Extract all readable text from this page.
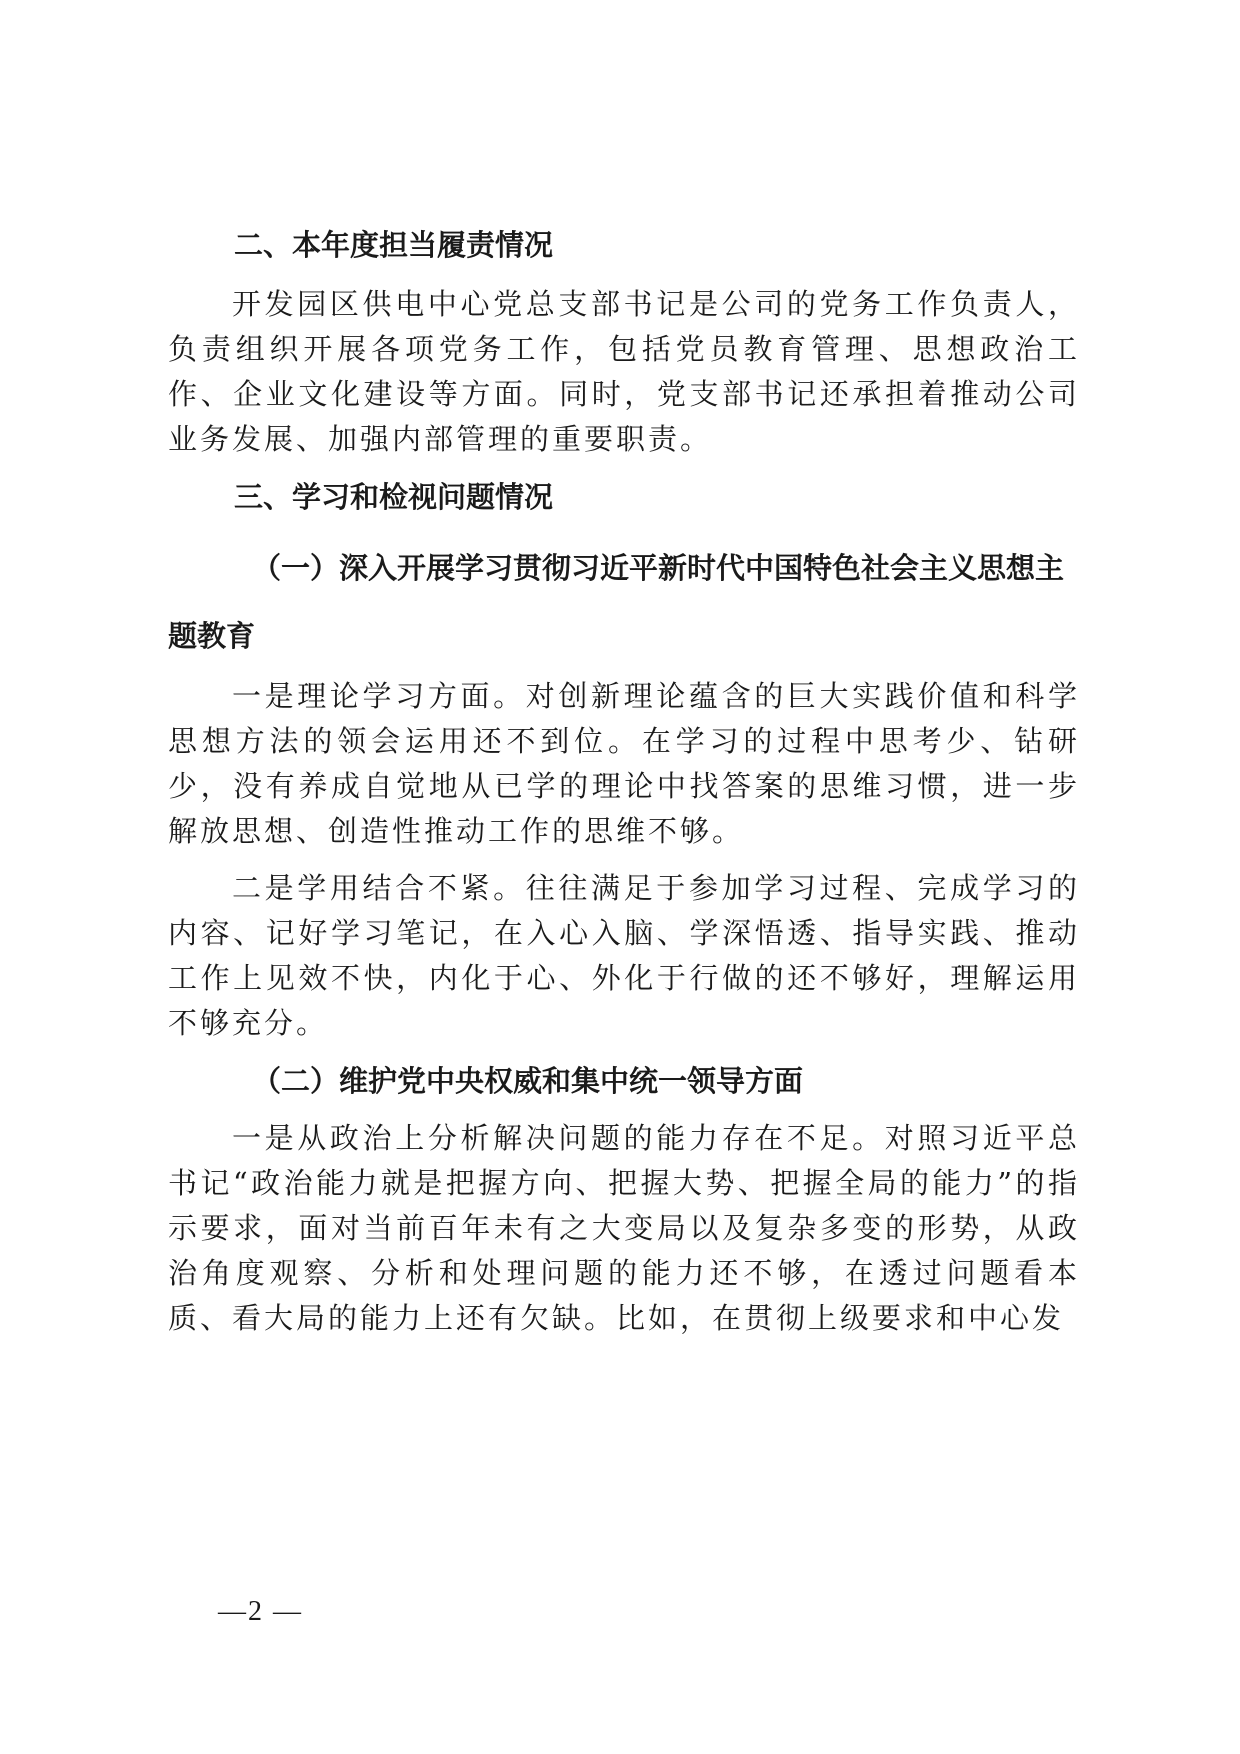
二、本年度担当履责情况
开发园区供电中心党总支部书记是公司的党务工作负责人，负责组织开展各项党务工作，包括党员教育管理、思想政治工作、企业文化建设等方面。同时，党支部书记还承担着推动公司业务发展、加强内部管理的重要职责。
三、学习和检视问题情况
（一）深入开展学习贯彻习近平新时代中国特色社会主义思想主题教育
一是理论学习方面。对创新理论蕴含的巨大实践价值和科学思想方法的领会运用还不到位。在学习的过程中思考少、钻研少，没有养成自觉地从已学的理论中找答案的思维习惯，进一步解放思想、创造性推动工作的思维不够。
二是学用结合不紧。往往满足于参加学习过程、完成学习的内容、记好学习笔记，在入心入脑、学深悟透、指导实践、推动工作上见效不快，内化于心、外化于行做的还不够好，理解运用不够充分。
（二）维护党中央权威和集中统一领导方面
一是从政治上分析解决问题的能力存在不足。对照习近平总书记“政治能力就是把握方向、把握大势、把握全局的能力”的指示要求，面对当前百年未有之大变局以及复杂多变的形势，从政治角度观察、分析和处理问题的能力还不够，在透过问题看本质、看大局的能力上还有欠缺。比如，在贯彻上级要求和中心发
—2 —
